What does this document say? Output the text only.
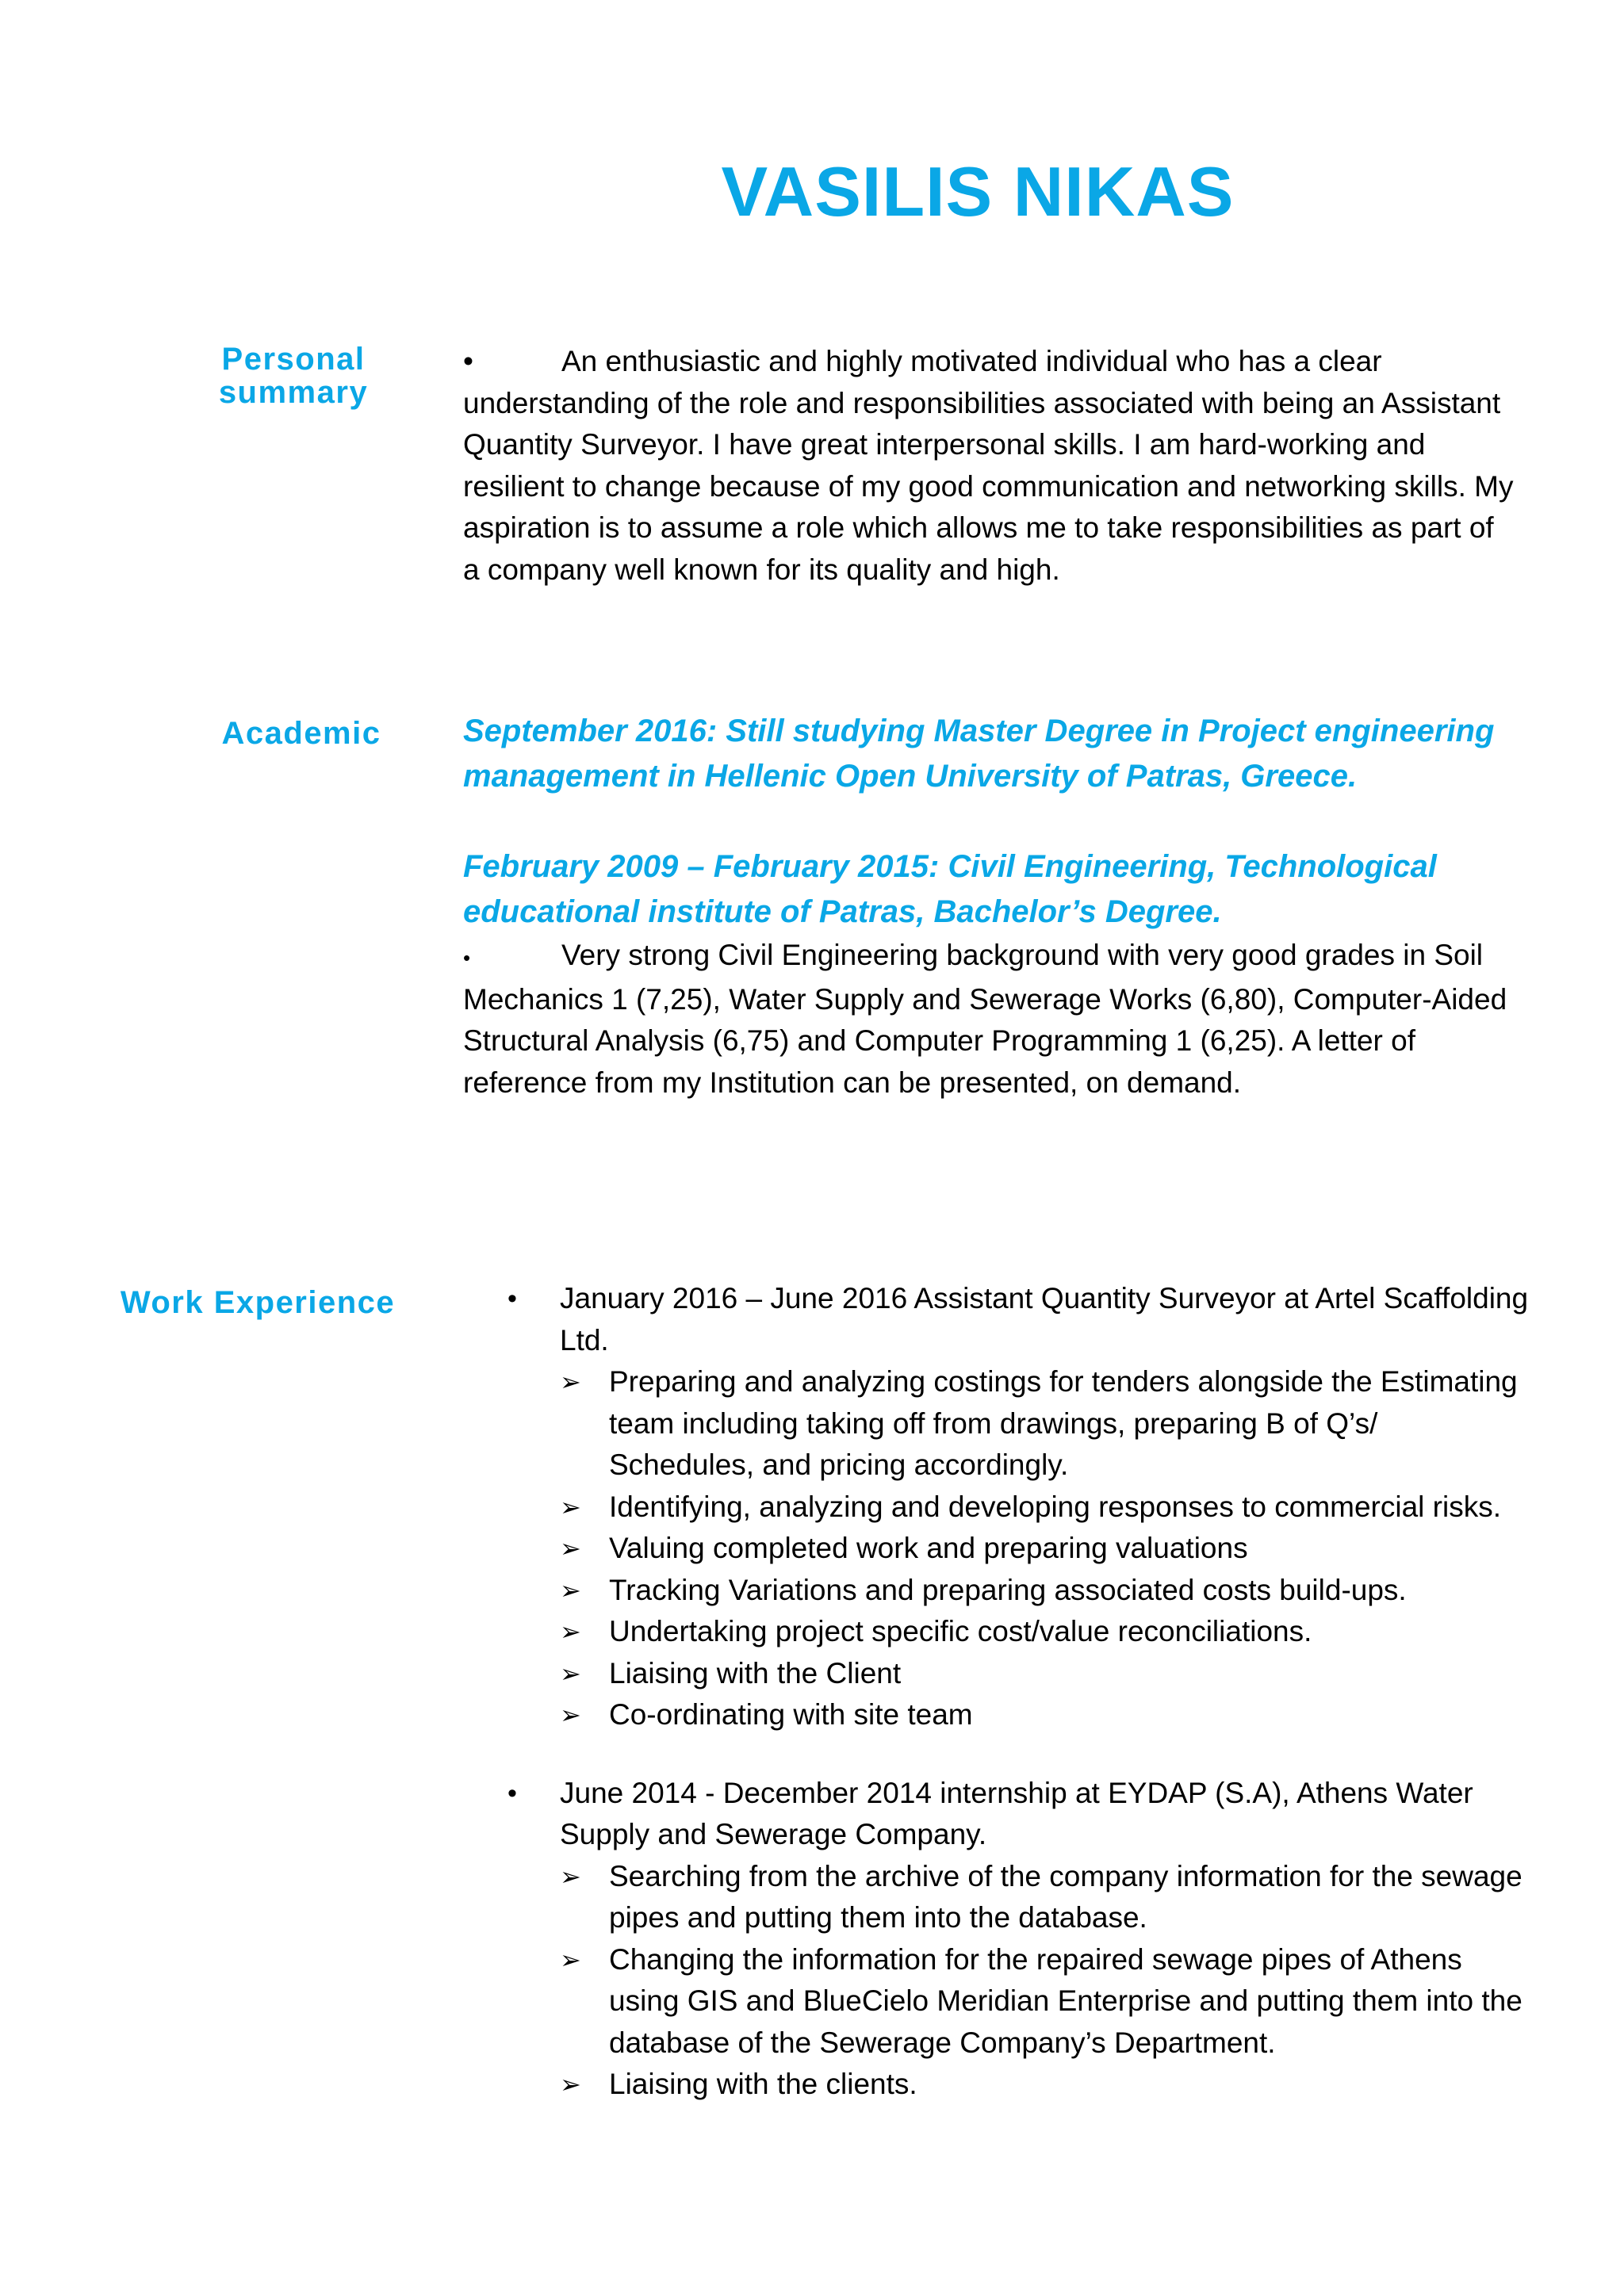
VASILIS NIKAS
Personal
summary
•	An enthusiastic and highly motivated individual who has a clear understanding of the role and responsibilities associated with being an Assistant Quantity Surveyor. I have great interpersonal skills. I am hard-working and resilient to change because of my good communication and networking skills. My aspiration is to assume a role which allows me to take responsibilities as part of a company well known for its quality and high.
Academic	September 2016: Still studying Master Degree in Project engineering management in Hellenic Open University of Patras, Greece.
February 2009 – February 2015: Civil Engineering, Technological educational institute of Patras, Bachelor’s Degree.
•	Very strong Civil Engineering background with very good grades in Soil Mechanics 1 (7,25), Water Supply and Sewerage Works (6,80), Computer-Aided Structural Analysis (6,75) and Computer Programming 1 (6,25). A letter of reference from my Institution can be presented, on demand.
Work Experience	•	January 2016 – June 2016 Assistant Quantity Surveyor at Artel Scaffolding Ltd.
➢ Preparing and analyzing costings for tenders alongside the Estimating team including taking off from drawings, preparing B of Q’s/ Schedules, and pricing accordingly.
➢ Identifying, analyzing and developing responses to commercial risks.
➢ Valuing completed work and preparing valuations
➢ Tracking Variations and preparing associated costs build-ups.
➢ Undertaking project specific cost/value reconciliations.
➢ Liaising with the Client
➢ Co-ordinating with site team
•	June 2014 - December 2014 internship at EYDAP (S.A), Athens Water Supply and Sewerage Company.
➢ Searching from the archive of the company information for the sewage pipes and putting them into the database.
➢ Changing the information for the repaired sewage pipes of Athens using GIS and BlueCielo Meridian Enterprise and putting them into the database of the Sewerage Company’s Department.
➢ Liaising with the clients.
